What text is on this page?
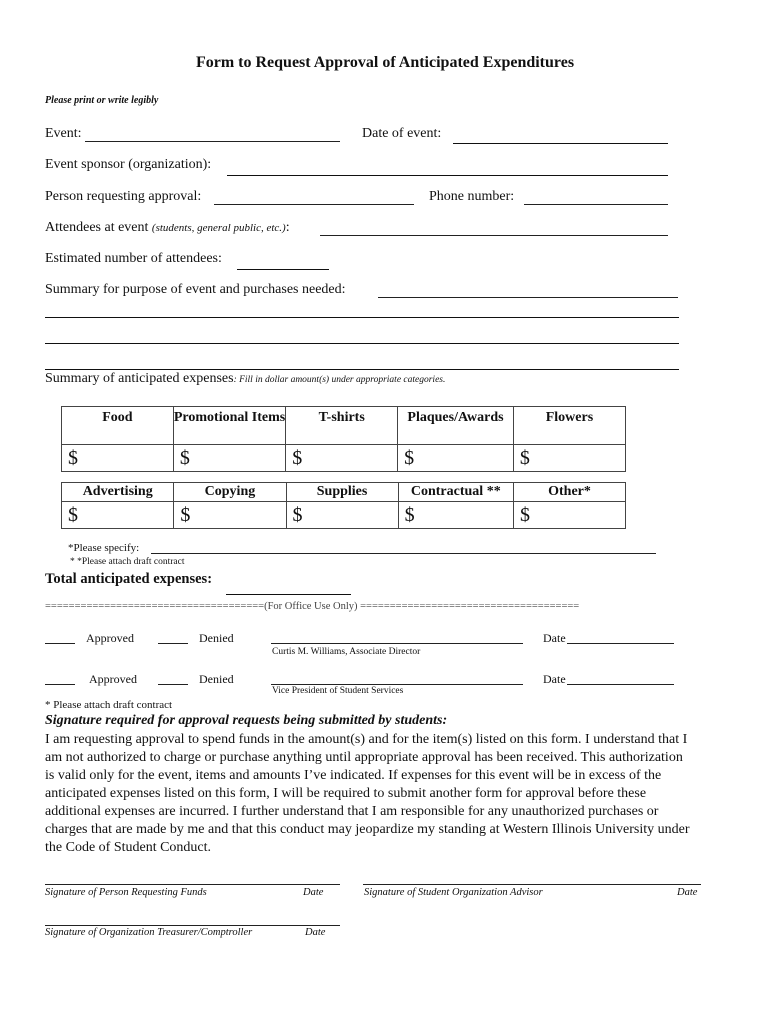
Form to Request Approval of Anticipated Expenditures
Please print or write legibly
Event:	Date of event:
Event sponsor (organization):
Person requesting approval:	Phone number:
Attendees at event (students, general public, etc.):
Estimated number of attendees:
Summary for purpose of event and purchases needed:
Summary of anticipated expenses: Fill in dollar amount(s) under appropriate categories.
Food	Promotional Items	T-shirts	Plaques/Awards	Flowers
$	$	$	$	$
Advertising	Copying	Supplies	Contractual **	Other*
$	$	$	$	$
*Please specify:
* *Please attach draft contract
Total anticipated expenses:
=====================================(For Office Use Only) =====================================
Approved	Denied
Curtis M. Williams, Associate Director
Date
Approved	Denied
Vice President of Student Services
Date
* Please attach draft contract
Signature required for approval requests being submitted by students:
I am requesting approval to spend funds in the amount(s) and for the item(s) listed on this form. I understand that I am not authorized to charge or purchase anything until appropriate approval has been received. This authorization is valid only for the event, items and amounts I’ve indicated. If expenses for this event will be in excess of the anticipated expenses listed on this form, I will be required to submit another form for approval before these additional expenses are incurred. I further understand that I am responsible for any unauthorized purchases or charges that are made by me and that this conduct may jeopardize my standing at Western Illinois University under the Code of Student Conduct.
Signature of Person Requesting Funds	Date	Signature of Student Organization Advisor	Date
Signature of Organization Treasurer/Comptroller	Date
